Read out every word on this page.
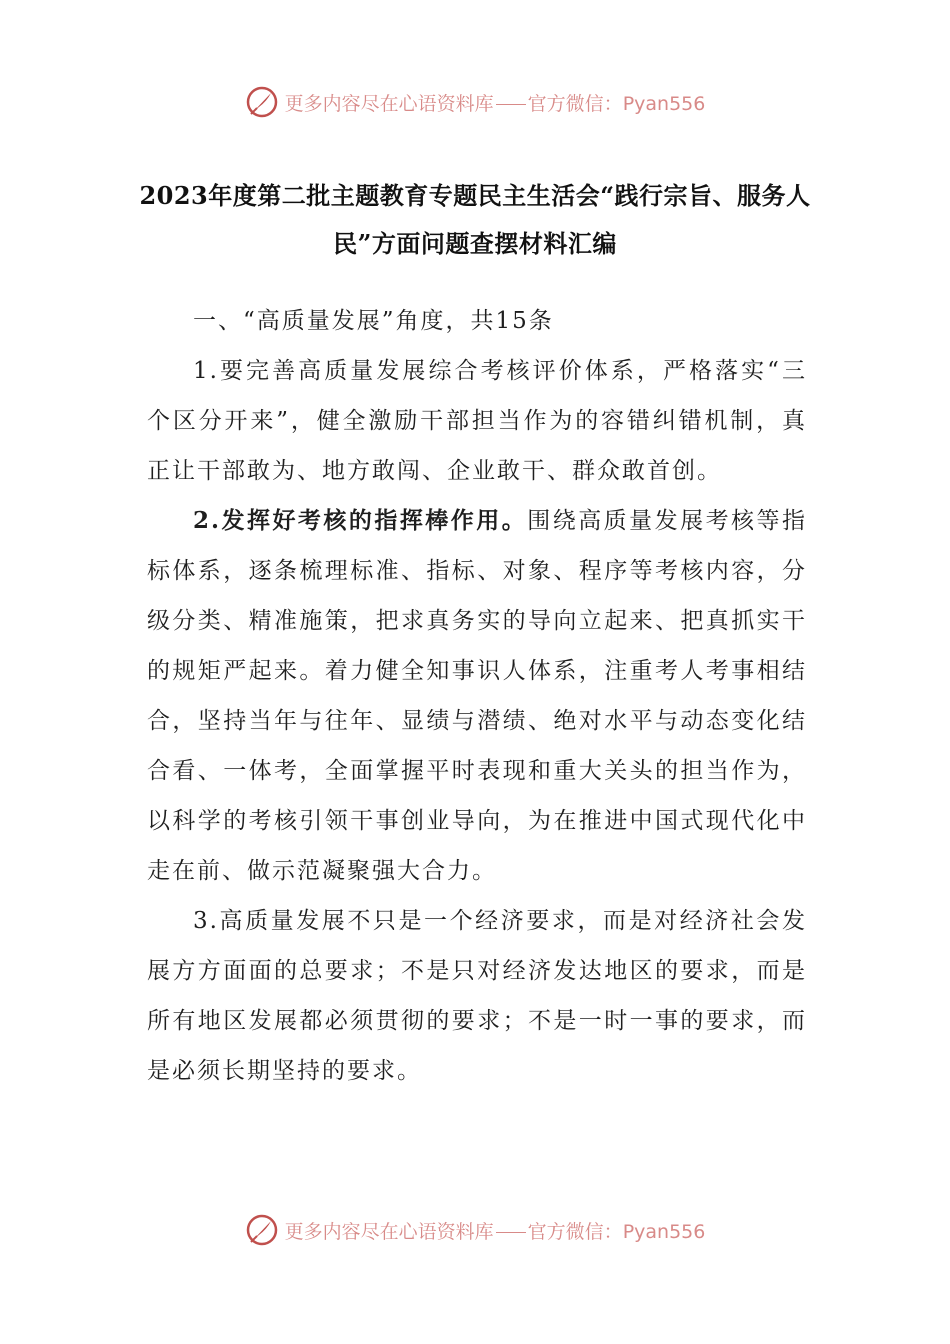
更多内容尽在心语资料库 官方微信：Pyan556
2023年度第二批主题教育专题民主生活会“践行宗旨、服务人民”方面问题查摆材料汇编

一、“高质量发展”角度，共15条

1.要完善高质量发展综合考核评价体系，严格落实“三个区分开来”，健全激励干部担当作为的容错纠错机制，真正让干部敢为、地方敢闯、企业敢干、群众敢首创。

2.发挥好考核的指挥棒作用。围绕高质量发展考核等指标体系，逐条梳理标准、指标、对象、程序等考核内容，分级分类、精准施策，把求真务实的导向立起来、把真抓实干的规矩严起来。着力健全知事识人体系，注重考人考事相结合，坚持当年与往年、显绩与潜绩、绝对水平与动态变化结合看、一体考，全面掌握平时表现和重大关头的担当作为，以科学的考核引领干事创业导向，为在推进中国式现代化中走在前、做示范凝聚强大合力。

3.高质量发展不只是一个经济要求，而是对经济社会发展方方面面的总要求；不是只对经济发达地区的要求，而是所有地区发展都必须贯彻的要求；不是一时一事的要求，而是必须长期坚持的要求。

更多内容尽在心语资料库 官方微信：Pyan556
